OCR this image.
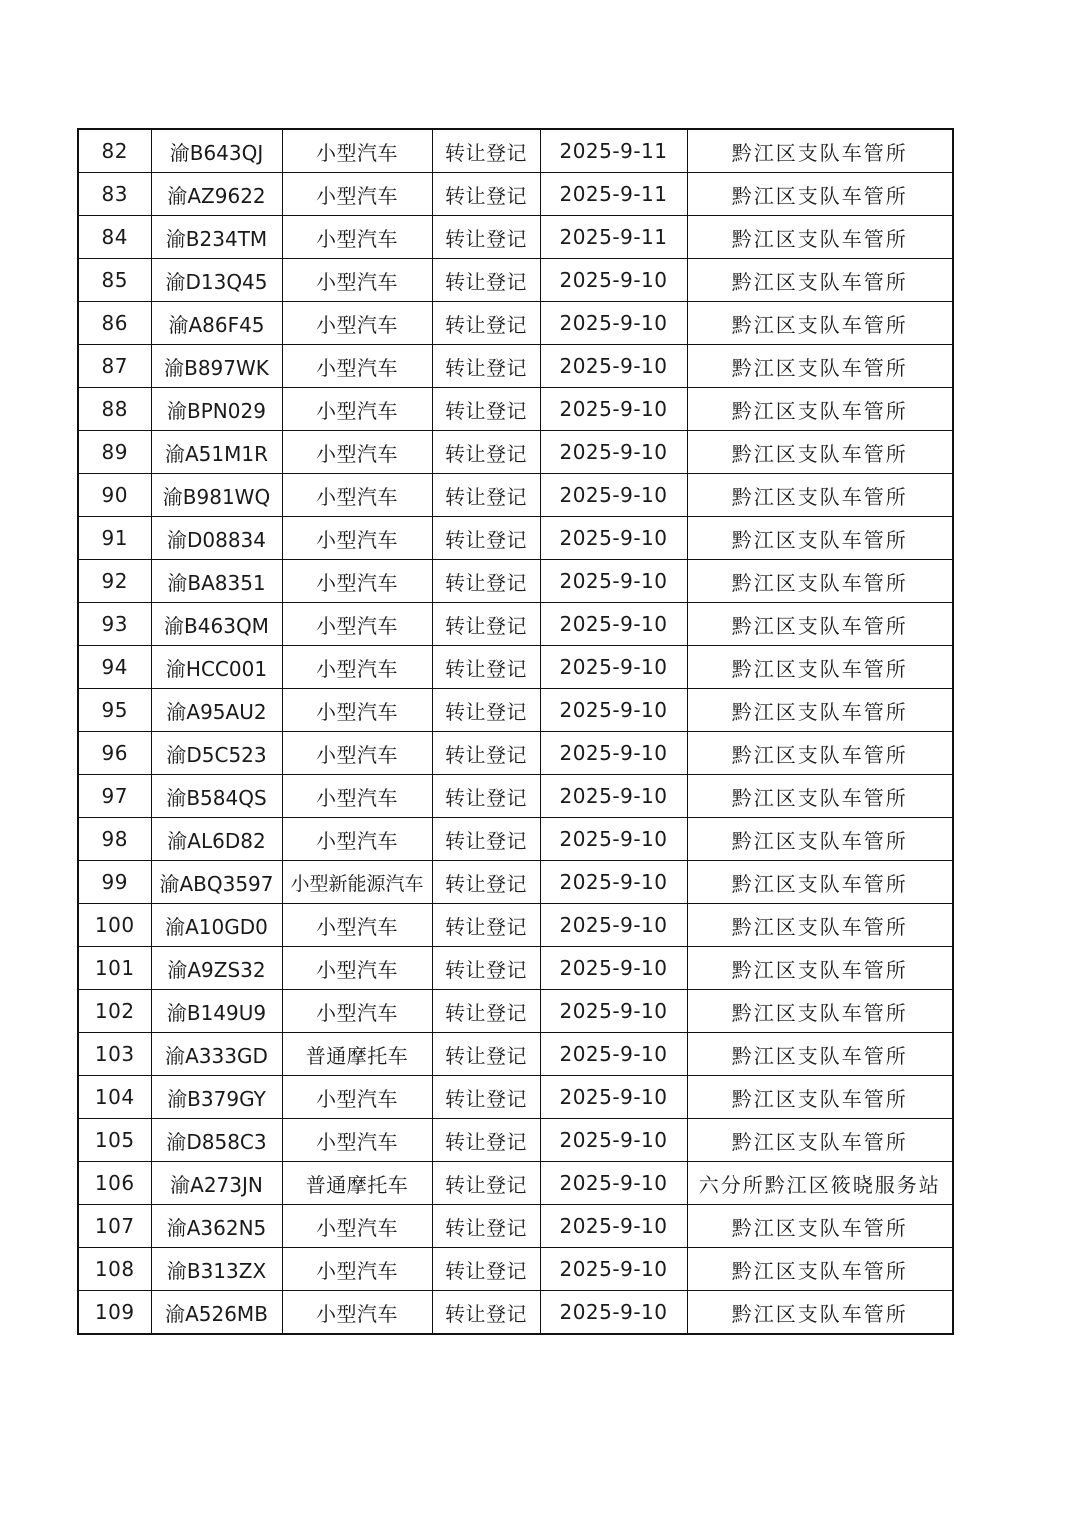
82	渝B643QJ	小型汽车	转让登记	2025-9-11	黔江区支队车管所
83	渝AZ9622	小型汽车	转让登记	2025-9-11	黔江区支队车管所
84	渝B234TM	小型汽车	转让登记	2025-9-11	黔江区支队车管所
85	渝D13Q45	小型汽车	转让登记	2025-9-10	黔江区支队车管所
86	渝A86F45	小型汽车	转让登记	2025-9-10	黔江区支队车管所
87	渝B897WK	小型汽车	转让登记	2025-9-10	黔江区支队车管所
88	渝BPN029	小型汽车	转让登记	2025-9-10	黔江区支队车管所
89	渝A51M1R	小型汽车	转让登记	2025-9-10	黔江区支队车管所
90	渝B981WQ	小型汽车	转让登记	2025-9-10	黔江区支队车管所
91	渝D08834	小型汽车	转让登记	2025-9-10	黔江区支队车管所
92	渝BA8351	小型汽车	转让登记	2025-9-10	黔江区支队车管所
93	渝B463QM	小型汽车	转让登记	2025-9-10	黔江区支队车管所
94	渝HCC001	小型汽车	转让登记	2025-9-10	黔江区支队车管所
95	渝A95AU2	小型汽车	转让登记	2025-9-10	黔江区支队车管所
96	渝D5C523	小型汽车	转让登记	2025-9-10	黔江区支队车管所
97	渝B584QS	小型汽车	转让登记	2025-9-10	黔江区支队车管所
98	渝AL6D82	小型汽车	转让登记	2025-9-10	黔江区支队车管所
99	渝ABQ3597	小型新能源汽车	转让登记	2025-9-10	黔江区支队车管所
100	渝A10GD0	小型汽车	转让登记	2025-9-10	黔江区支队车管所
101	渝A9ZS32	小型汽车	转让登记	2025-9-10	黔江区支队车管所
102	渝B149U9	小型汽车	转让登记	2025-9-10	黔江区支队车管所
103	渝A333GD	普通摩托车	转让登记	2025-9-10	黔江区支队车管所
104	渝B379GY	小型汽车	转让登记	2025-9-10	黔江区支队车管所
105	渝D858C3	小型汽车	转让登记	2025-9-10	黔江区支队车管所
106	渝A273JN	普通摩托车	转让登记	2025-9-10	六分所黔江区筱晓服务站
107	渝A362N5	小型汽车	转让登记	2025-9-10	黔江区支队车管所
108	渝B313ZX	小型汽车	转让登记	2025-9-10	黔江区支队车管所
109	渝A526MB	小型汽车	转让登记	2025-9-10	黔江区支队车管所
